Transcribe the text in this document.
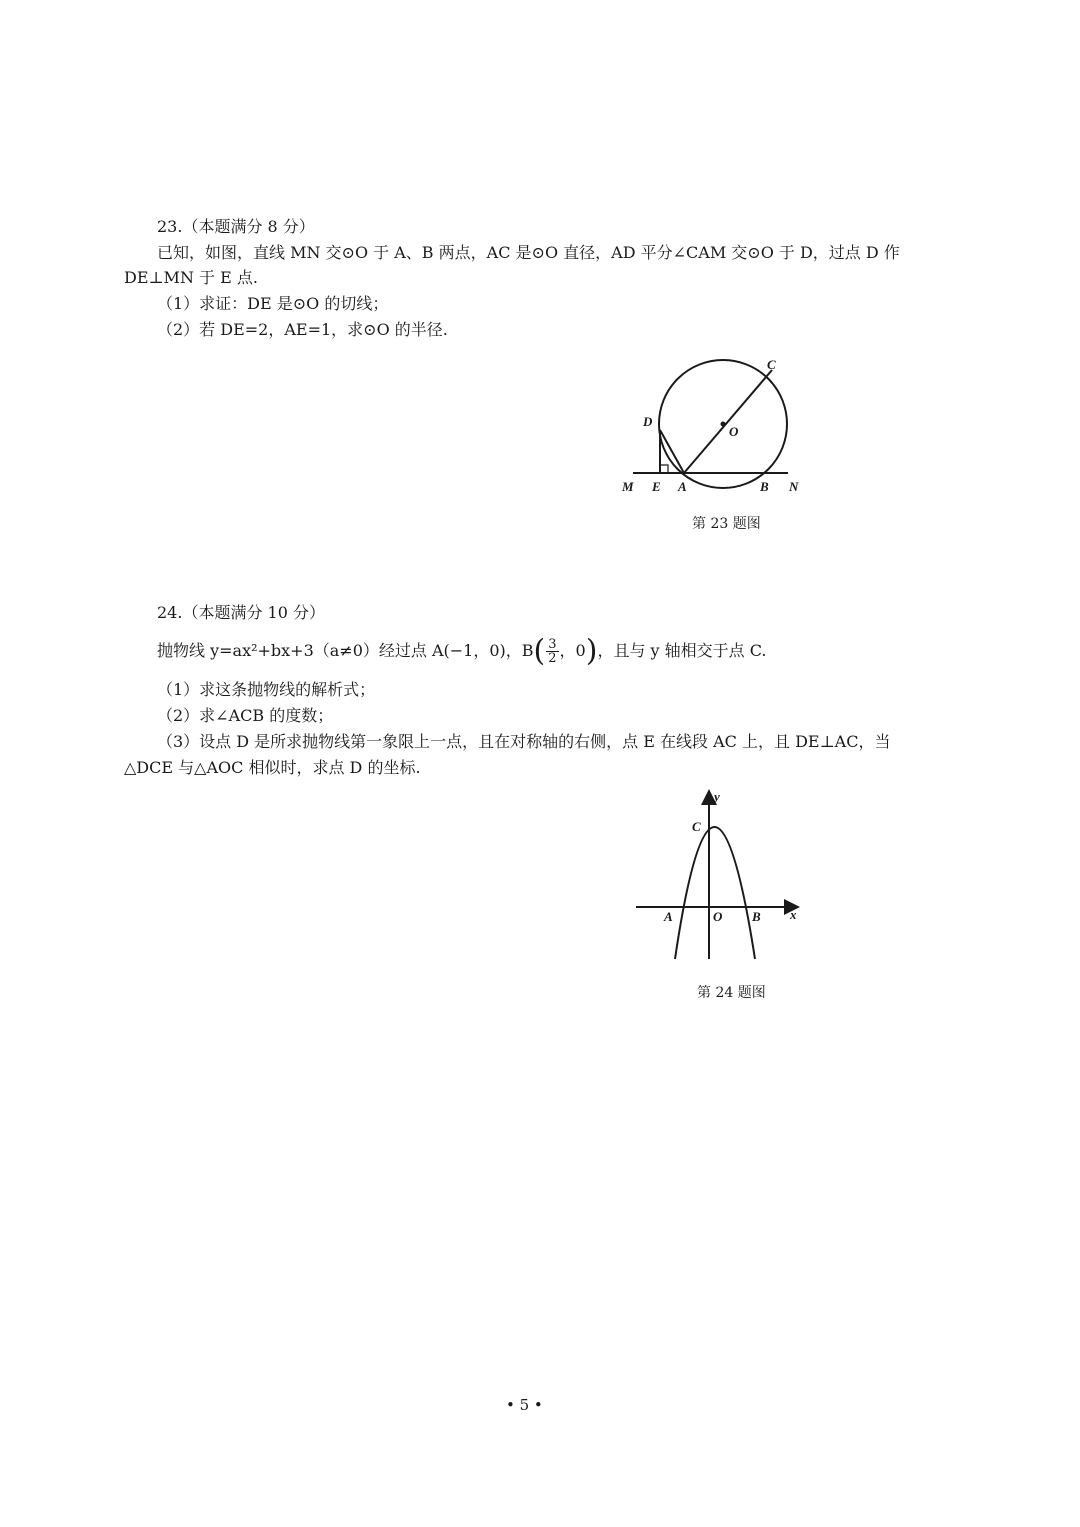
23.（本题满分 8 分）
已知，如图，直线 MN 交⊙O 于 A、B 两点，AC 是⊙O 直径，AD 平分∠CAM 交⊙O 于 D，过点 D 作
DE⊥MN 于 E 点.
（1）求证：DE 是⊙O 的切线；
（2）若 DE=2，AE=1，求⊙O 的半径.
C
D
O
M E A	B N
第 23 题图
24.（本题满分 10 分）
抛物线 y=ax²+bx+3（a≠0）经过点 A(−1，0)，$B( \frac{3}{2}$ ，0)，且与 y 轴相交于点 C.
（1）求这条抛物线的解析式；
（2）求∠ACB 的度数；
（3）设点 D 是所求抛物线第一象限上一点，且在对称轴的右侧，点 E 在线段 AC 上，且 DE⊥AC，当
△DCE 与△AOC 相似时，求点 D 的坐标.
y
x
C
A	O B
第 24 题图
• 5 •
